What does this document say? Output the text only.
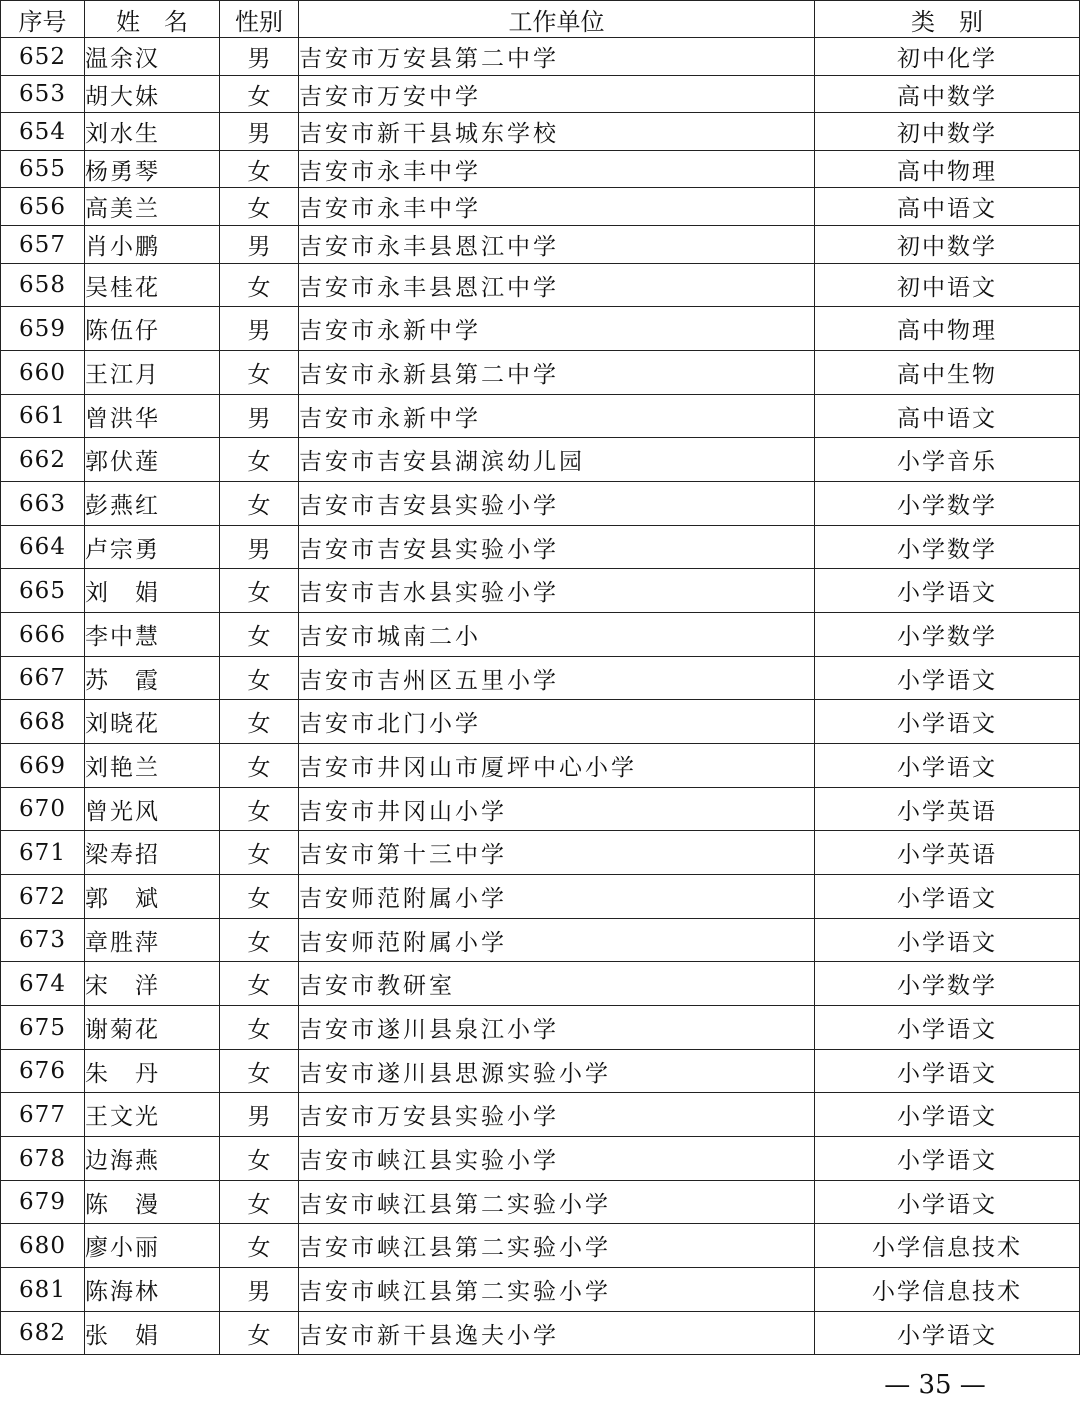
序号	姓　名	性别	工作单位	类　别
652	温余汉	男	吉安市万安县第二中学	初中化学
653	胡大妹	女	吉安市万安中学	高中数学
654	刘水生	男	吉安市新干县城东学校	初中数学
655	杨勇琴	女	吉安市永丰中学	高中物理
656	高美兰	女	吉安市永丰中学	高中语文
657	肖小鹏	男	吉安市永丰县恩江中学	初中数学
658	吴桂花	女	吉安市永丰县恩江中学	初中语文
659	陈伍仔	男	吉安市永新中学	高中物理
660	王江月	女	吉安市永新县第二中学	高中生物
661	曾洪华	男	吉安市永新中学	高中语文
662	郭伏莲	女	吉安市吉安县湖滨幼儿园	小学音乐
663	彭燕红	女	吉安市吉安县实验小学	小学数学
664	卢宗勇	男	吉安市吉安县实验小学	小学数学
665	刘　娟	女	吉安市吉水县实验小学	小学语文
666	李中慧	女	吉安市城南二小	小学数学
667	苏　霞	女	吉安市吉州区五里小学	小学语文
668	刘晓花	女	吉安市北门小学	小学语文
669	刘艳兰	女	吉安市井冈山市厦坪中心小学	小学语文
670	曾光风	女	吉安市井冈山小学	小学英语
671	梁寿招	女	吉安市第十三中学	小学英语
672	郭　斌	女	吉安师范附属小学	小学语文
673	章胜萍	女	吉安师范附属小学	小学语文
674	宋　洋	女	吉安市教研室	小学数学
675	谢菊花	女	吉安市遂川县泉江小学	小学语文
676	朱　丹	女	吉安市遂川县思源实验小学	小学语文
677	王文光	男	吉安市万安县实验小学	小学语文
678	边海燕	女	吉安市峡江县实验小学	小学语文
679	陈　漫	女	吉安市峡江县第二实验小学	小学语文
680	廖小丽	女	吉安市峡江县第二实验小学	小学信息技术
681	陈海林	男	吉安市峡江县第二实验小学	小学信息技术
682	张　娟	女	吉安市新干县逸夫小学	小学语文
— 35 —
